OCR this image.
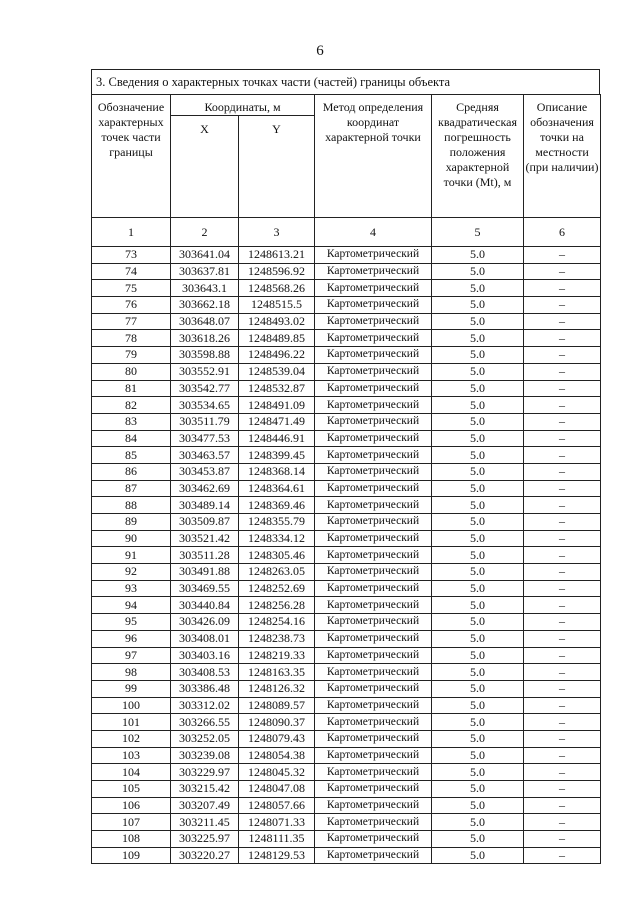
6
3. Сведения о характерных точках части (частей) границы объекта
Обозначение характерных точек части границы	Координаты, м		Метод определения координат характерной точки	Средняя квадратическая погрешность положения характерной точки (Mt), м	Описание обозначения точки на местности (при наличии)
	X	Y			
1	2	3	4	5	6
73	303641.04	1248613.21	Картометрический	5.0	–
74	303637.81	1248596.92	Картометрический	5.0	–
75	303643.1	1248568.26	Картометрический	5.0	–
76	303662.18	1248515.5	Картометрический	5.0	–
77	303648.07	1248493.02	Картометрический	5.0	–
78	303618.26	1248489.85	Картометрический	5.0	–
79	303598.88	1248496.22	Картометрический	5.0	–
80	303552.91	1248539.04	Картометрический	5.0	–
81	303542.77	1248532.87	Картометрический	5.0	–
82	303534.65	1248491.09	Картометрический	5.0	–
83	303511.79	1248471.49	Картометрический	5.0	–
84	303477.53	1248446.91	Картометрический	5.0	–
85	303463.57	1248399.45	Картометрический	5.0	–
86	303453.87	1248368.14	Картометрический	5.0	–
87	303462.69	1248364.61	Картометрический	5.0	–
88	303489.14	1248369.46	Картометрический	5.0	–
89	303509.87	1248355.79	Картометрический	5.0	–
90	303521.42	1248334.12	Картометрический	5.0	–
91	303511.28	1248305.46	Картометрический	5.0	–
92	303491.88	1248263.05	Картометрический	5.0	–
93	303469.55	1248252.69	Картометрический	5.0	–
94	303440.84	1248256.28	Картометрический	5.0	–
95	303426.09	1248254.16	Картометрический	5.0	–
96	303408.01	1248238.73	Картометрический	5.0	–
97	303403.16	1248219.33	Картометрический	5.0	–
98	303408.53	1248163.35	Картометрический	5.0	–
99	303386.48	1248126.32	Картометрический	5.0	–
100	303312.02	1248089.57	Картометрический	5.0	–
101	303266.55	1248090.37	Картометрический	5.0	–
102	303252.05	1248079.43	Картометрический	5.0	–
103	303239.08	1248054.38	Картометрический	5.0	–
104	303229.97	1248045.32	Картометрический	5.0	–
105	303215.42	1248047.08	Картометрический	5.0	–
106	303207.49	1248057.66	Картометрический	5.0	–
107	303211.45	1248071.33	Картометрический	5.0	–
108	303225.97	1248111.35	Картометрический	5.0	–
109	303220.27	1248129.53	Картометрический	5.0	–
